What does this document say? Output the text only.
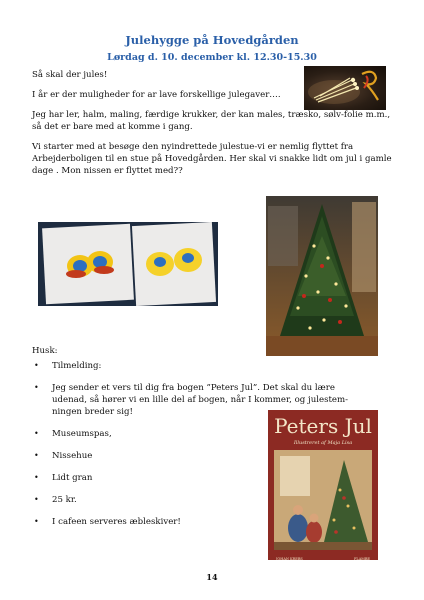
Julehygge på Hovedgården
Lørdag d. 10. december kl. 12.30-15.30

Så skal der jules!

I år er der muligheder for ar lave forskellige julegaver….

Jeg har ler, halm, maling, færdige krukker, der kan males, træsko, sølv-folie m.m., så det er bare med at komme i gang.

Vi starter med at besøge den nyindrettede julestue-vi er nemlig flyttet fra Arbejderboligen til en stue på Hovedgården. Her skal vi snakke lidt om jul i gamle dage . Mon nissen er flyttet med??

Husk:
• Tilmelding:
• Jeg sender et vers til dig fra bogen ”Peters Jul”. Det skal du lære udenad, så hører vi en lille del af bogen, når I kommer, og julestem-ningen breder sig!
• Museumspas,
• Nissehue
• Lidt gran
• 25 kr.
• I cafeen serveres æbleskiver!
Peters Jul
Illustreret af Maja Lisa
JOHAN KREBS	FLAMBE
14
